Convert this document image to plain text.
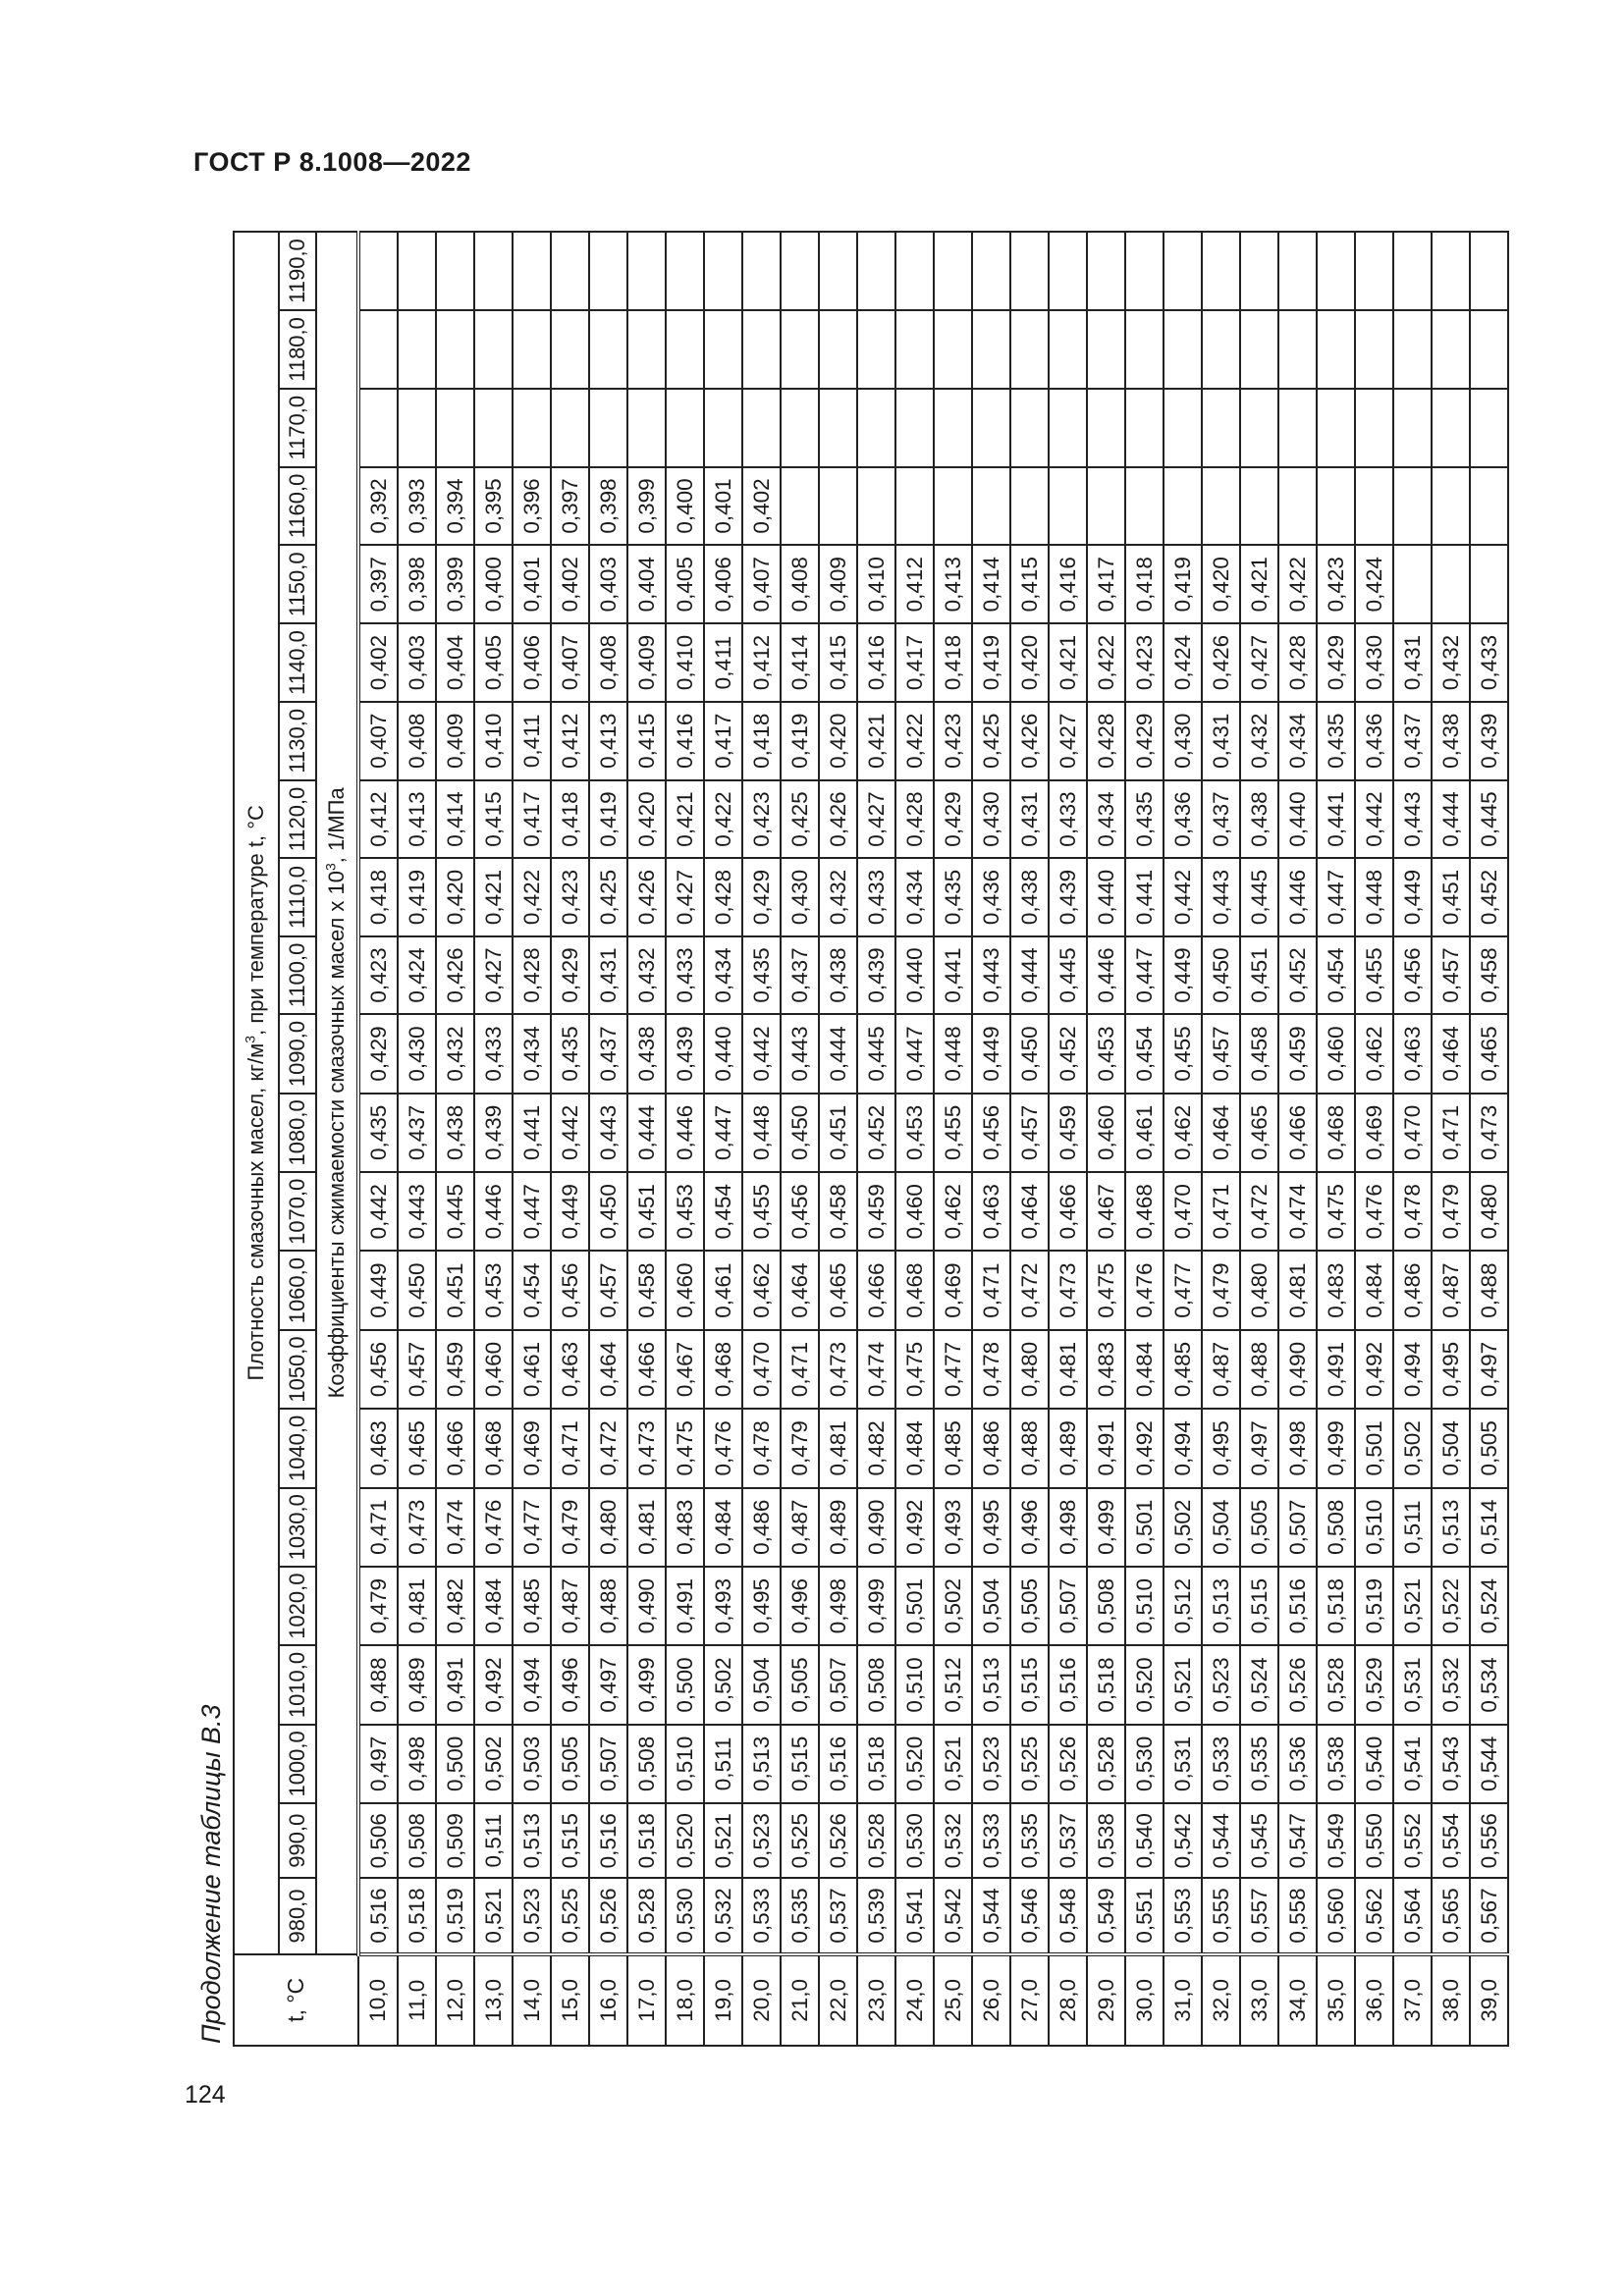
ГОСТ Р 8.1008—2022
Продолжение таблицы В.3	t, °C	Плотность смазочных масел, $кг/м^3$, при температуре t, °C																					
	980,0	990,0	1000,0	1010,0	1020,0	1030,0	1040,0	1050,0	1060,0	1070,0	1080,0	1090,0	1100,0	1110,0	1120,0	1130,0	1140,0	1150,0	1160,0	1170,0	1180,0	1190,0
	Коэффициенты сжимаемости смазочных масел x $10^3$, 1/МПа																					
10,0	0,516	0,506	0,497	0,488	0,479	0,471	0,463	0,456	0,449	0,442	0,435	0,429	0,423	0,418	0,412	0,407	0,402	0,397	0,392			
11,0	0,518	0,508	0,498	0,489	0,481	0,473	0,465	0,457	0,450	0,443	0,437	0,430	0,424	0,419	0,413	0,408	0,403	0,398	0,393			
12,0	0,519	0,509	0,500	0,491	0,482	0,474	0,466	0,459	0,451	0,445	0,438	0,432	0,426	0,420	0,414	0,409	0,404	0,399	0,394			
13,0	0,521	0,511	0,502	0,492	0,484	0,476	0,468	0,460	0,453	0,446	0,439	0,433	0,427	0,421	0,415	0,410	0,405	0,400	0,395			
14,0	0,523	0,513	0,503	0,494	0,485	0,477	0,469	0,461	0,454	0,447	0,441	0,434	0,428	0,422	0,417	0,411	0,406	0,401	0,396			
15,0	0,525	0,515	0,505	0,496	0,487	0,479	0,471	0,463	0,456	0,449	0,442	0,435	0,429	0,423	0,418	0,412	0,407	0,402	0,397			
16,0	0,526	0,516	0,507	0,497	0,488	0,480	0,472	0,464	0,457	0,450	0,443	0,437	0,431	0,425	0,419	0,413	0,408	0,403	0,398			
17,0	0,528	0,518	0,508	0,499	0,490	0,481	0,473	0,466	0,458	0,451	0,444	0,438	0,432	0,426	0,420	0,415	0,409	0,404	0,399			
18,0	0,530	0,520	0,510	0,500	0,491	0,483	0,475	0,467	0,460	0,453	0,446	0,439	0,433	0,427	0,421	0,416	0,410	0,405	0,400			
19,0	0,532	0,521	0,511	0,502	0,493	0,484	0,476	0,468	0,461	0,454	0,447	0,440	0,434	0,428	0,422	0,417	0,411	0,406	0,401			
20,0	0,533	0,523	0,513	0,504	0,495	0,486	0,478	0,470	0,462	0,455	0,448	0,442	0,435	0,429	0,423	0,418	0,412	0,407	0,402			
21,0	0,535	0,525	0,515	0,505	0,496	0,487	0,479	0,471	0,464	0,456	0,450	0,443	0,437	0,430	0,425	0,419	0,414	0,408				
22,0	0,537	0,526	0,516	0,507	0,498	0,489	0,481	0,473	0,465	0,458	0,451	0,444	0,438	0,432	0,426	0,420	0,415	0,409				
23,0	0,539	0,528	0,518	0,508	0,499	0,490	0,482	0,474	0,466	0,459	0,452	0,445	0,439	0,433	0,427	0,421	0,416	0,410				
24,0	0,541	0,530	0,520	0,510	0,501	0,492	0,484	0,475	0,468	0,460	0,453	0,447	0,440	0,434	0,428	0,422	0,417	0,412				
25,0	0,542	0,532	0,521	0,512	0,502	0,493	0,485	0,477	0,469	0,462	0,455	0,448	0,441	0,435	0,429	0,423	0,418	0,413				
26,0	0,544	0,533	0,523	0,513	0,504	0,495	0,486	0,478	0,471	0,463	0,456	0,449	0,443	0,436	0,430	0,425	0,419	0,414				
27,0	0,546	0,535	0,525	0,515	0,505	0,496	0,488	0,480	0,472	0,464	0,457	0,450	0,444	0,438	0,431	0,426	0,420	0,415				
28,0	0,548	0,537	0,526	0,516	0,507	0,498	0,489	0,481	0,473	0,466	0,459	0,452	0,445	0,439	0,433	0,427	0,421	0,416				
29,0	0,549	0,538	0,528	0,518	0,508	0,499	0,491	0,483	0,475	0,467	0,460	0,453	0,446	0,440	0,434	0,428	0,422	0,417				
30,0	0,551	0,540	0,530	0,520	0,510	0,501	0,492	0,484	0,476	0,468	0,461	0,454	0,447	0,441	0,435	0,429	0,423	0,418				
31,0	0,553	0,542	0,531	0,521	0,512	0,502	0,494	0,485	0,477	0,470	0,462	0,455	0,449	0,442	0,436	0,430	0,424	0,419				
32,0	0,555	0,544	0,533	0,523	0,513	0,504	0,495	0,487	0,479	0,471	0,464	0,457	0,450	0,443	0,437	0,431	0,426	0,420				
33,0	0,557	0,545	0,535	0,524	0,515	0,505	0,497	0,488	0,480	0,472	0,465	0,458	0,451	0,445	0,438	0,432	0,427	0,421				
34,0	0,558	0,547	0,536	0,526	0,516	0,507	0,498	0,490	0,481	0,474	0,466	0,459	0,452	0,446	0,440	0,434	0,428	0,422				
35,0	0,560	0,549	0,538	0,528	0,518	0,508	0,499	0,491	0,483	0,475	0,468	0,460	0,454	0,447	0,441	0,435	0,429	0,423				
36,0	0,562	0,550	0,540	0,529	0,519	0,510	0,501	0,492	0,484	0,476	0,469	0,462	0,455	0,448	0,442	0,436	0,430	0,424				
37,0	0,564	0,552	0,541	0,531	0,521	0,511	0,502	0,494	0,486	0,478	0,470	0,463	0,456	0,449	0,443	0,437	0,431					
38,0	0,565	0,554	0,543	0,532	0,522	0,513	0,504	0,495	0,487	0,479	0,471	0,464	0,457	0,451	0,444	0,438	0,432					
39,0	0,567	0,556	0,544	0,534	0,524	0,514	0,505	0,497	0,488	0,480	0,473	0,465	0,458	0,452	0,445	0,439	0,433					
124
